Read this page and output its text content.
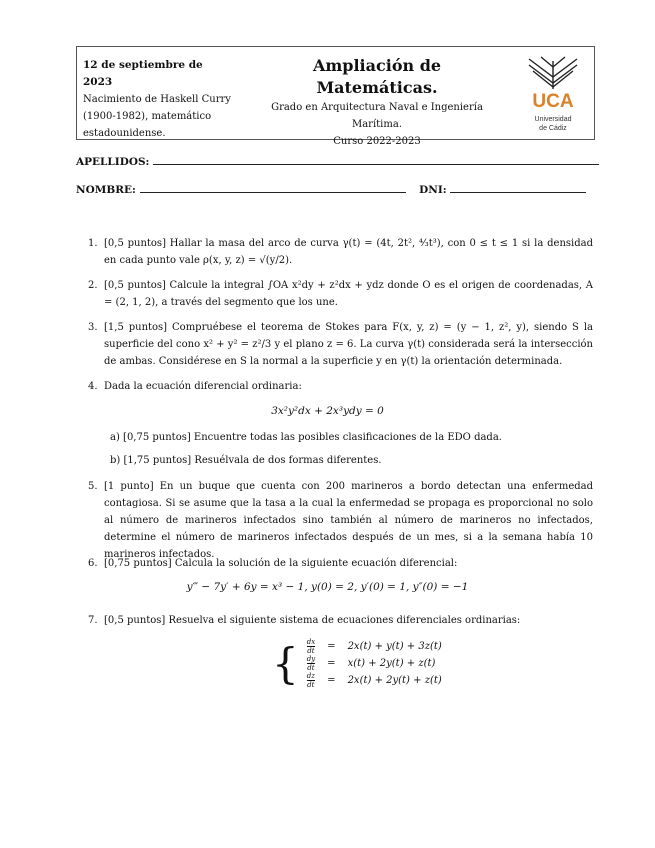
12 de septiembre de 2023
Nacimiento de Haskell Curry
(1900-1982), matemático
estadounidense.
Ampliación de Matemáticas.
Grado en Arquitectura Naval e Ingeniería
Marítima.
Curso 2022-2023
UCA
Universidad
de Cádiz
APELLIDOS:
NOMBRE:	DNI:
1. [0,5 puntos] Hallar la masa del arco de curva γ(t) = (4t, 2t², ⁴⁄₃t³), con 0 ≤ t ≤ 1 si la densidad en cada punto vale ρ(x, y, z) = √(y/2).
2. [0,5 puntos] Calcule la integral ∫OA x²dy + z²dx + ydz donde O es el origen de coordenadas, A = (2, 1, 2), a través del segmento que los une.
3. [1,5 puntos] Compruébese el teorema de Stokes para F(x, y, z) = (y − 1, z², y), siendo S la superficie del cono x² + y² = z²/3 y el plano z = 6. La curva γ(t) considerada será la intersección de ambas. Considérese en S la normal a la superficie y en γ(t) la orientación determinada.
4. Dada la ecuación diferencial ordinaria:
3x²y²dx + 2x³ydy = 0
a) [0,75 puntos] Encuentre todas las posibles clasificaciones de la EDO dada.
b) [1,75 puntos] Resuélvala de dos formas diferentes.
5. [1 punto] En un buque que cuenta con 200 marineros a bordo detectan una enfermedad contagiosa. Si se asume que la tasa a la cual la enfermedad se propaga es proporcional no solo al número de marineros infectados sino también al número de marineros no infectados, determine el número de marineros infectados después de un mes, si a la semana había 10 marineros infectados.
6. [0,75 puntos] Calcula la solución de la siguiente ecuación diferencial:
y‴ − 7y′ + 6y = x³ − 1, y(0) = 2, y′(0) = 1, y″(0) = −1
7. [0,5 puntos] Resuelva el siguiente sistema de ecuaciones diferenciales ordinarias:
{	$\frac{dx}{dt}$	=	2x(t) + y(t) + 3z(t)

	$\frac{dy}{dt}$	=	x(t) + 2y(t) + z(t)

	$\frac{dz}{dt}$	=	2x(t) + 2y(t) + z(t)
